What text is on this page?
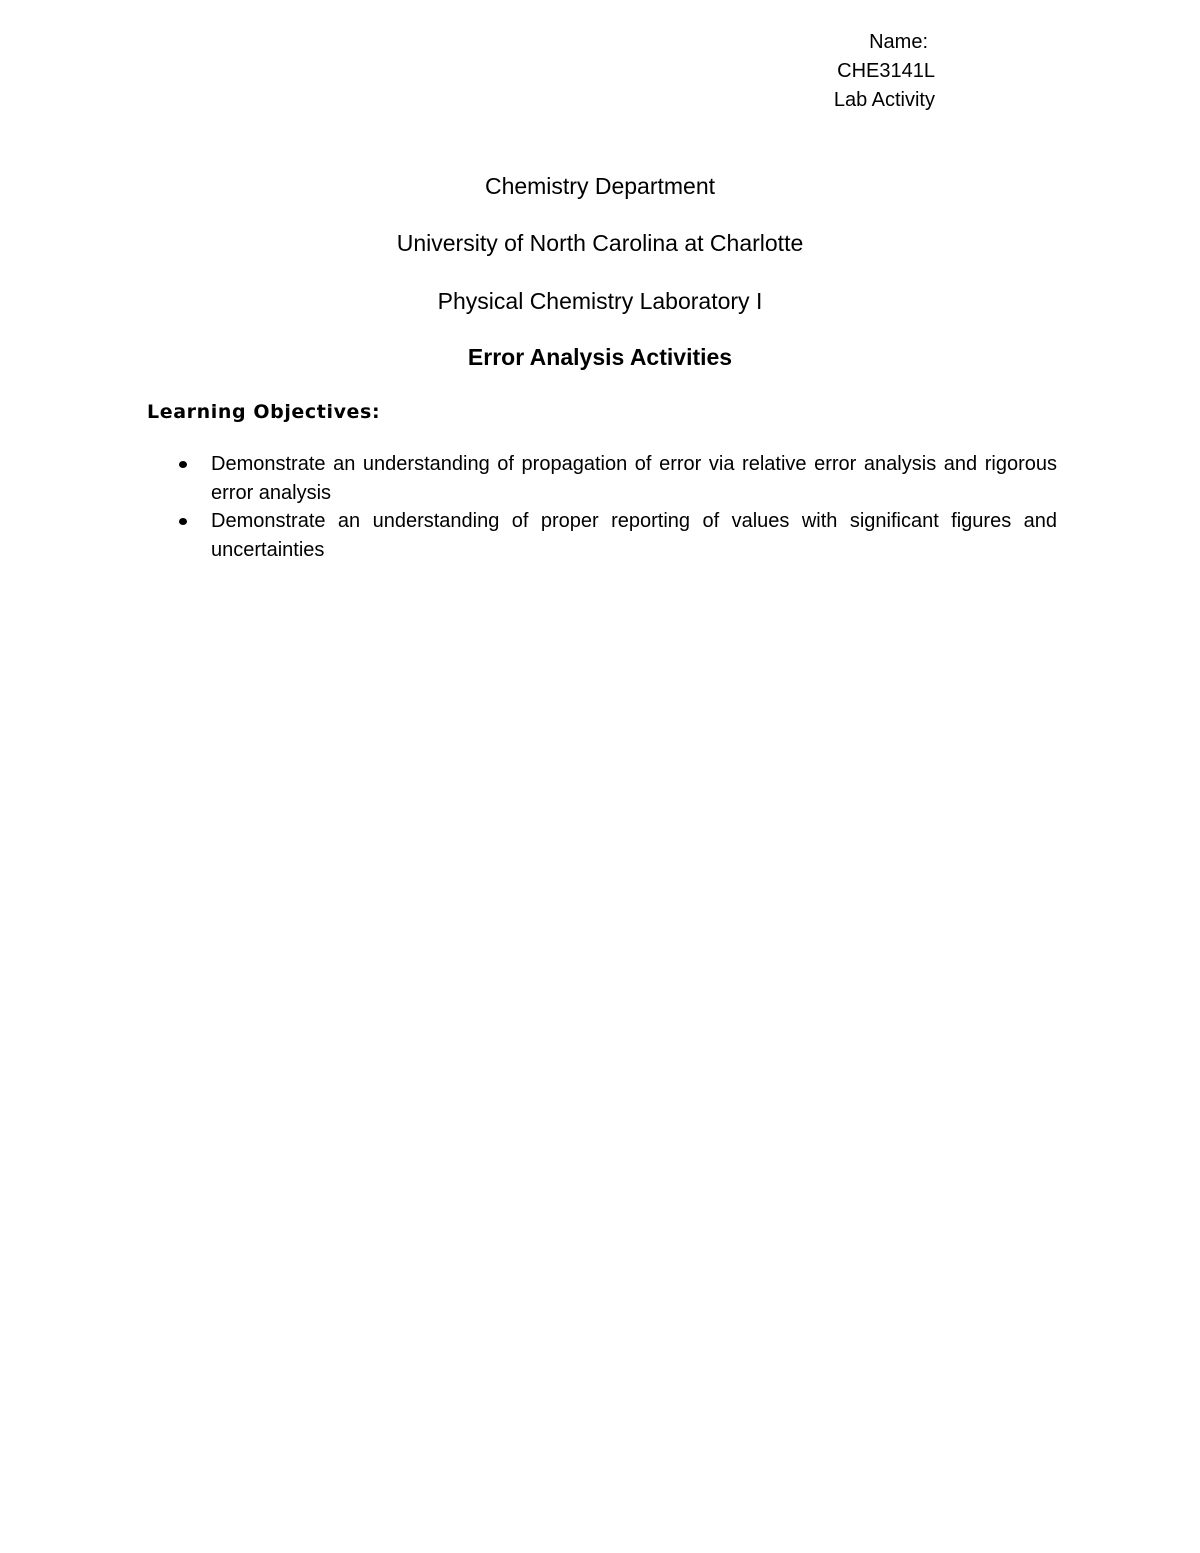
Name:
CHE3141L
Lab Activity
Chemistry Department
University of North Carolina at Charlotte
Physical Chemistry Laboratory I
Error Analysis Activities
Learning Objectives:
Demonstrate an understanding of propagation of error via relative error analysis and rigorous error analysis
Demonstrate an understanding of proper reporting of values with significant figures and uncertainties
